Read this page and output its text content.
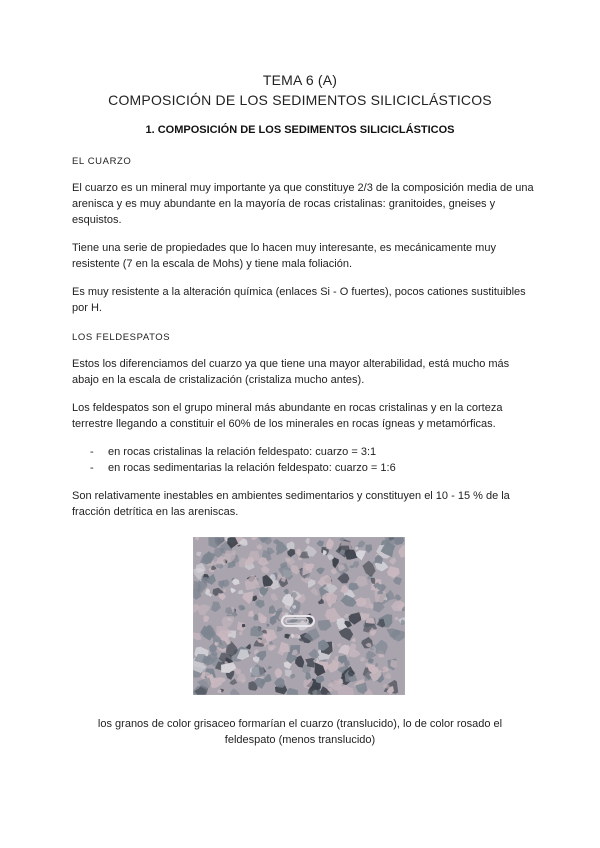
TEMA 6 (A)
COMPOSICIÓN DE LOS SEDIMENTOS SILICICLÁSTICOS
1. COMPOSICIÓN DE LOS SEDIMENTOS SILICICLÁSTICOS
EL CUARZO
El cuarzo es un mineral muy importante ya que constituye 2/3 de la composición media de una arenisca y es muy abundante en la mayoría de rocas cristalinas: granitoides, gneises y esquistos.
Tiene una serie de propiedades que lo hacen muy interesante, es mecánicamente muy resistente (7 en la escala de Mohs) y tiene mala foliación.
Es muy resistente a la alteración química (enlaces Si - O fuertes), pocos cationes sustituibles por H.
LOS FELDESPATOS
Estos los diferenciamos del cuarzo ya que tiene una mayor alterabilidad, está mucho más abajo en la escala de cristalización (cristaliza mucho antes).
Los feldespatos son el grupo mineral más abundante en rocas cristalinas y en la corteza terrestre llegando a constituir el 60% de los minerales en rocas ígneas y metamórficas.
- en rocas cristalinas la relación feldespato: cuarzo = 3:1
- en rocas sedimentarias la relación feldespato: cuarzo = 1:6
Son relativamente inestables en ambientes sedimentarios y constituyen el 10 - 15 % de la fracción detrítica en las areniscas.
los granos de color grisaceo formarían el cuarzo (translucido), lo de color rosado el feldespato (menos translucido)
